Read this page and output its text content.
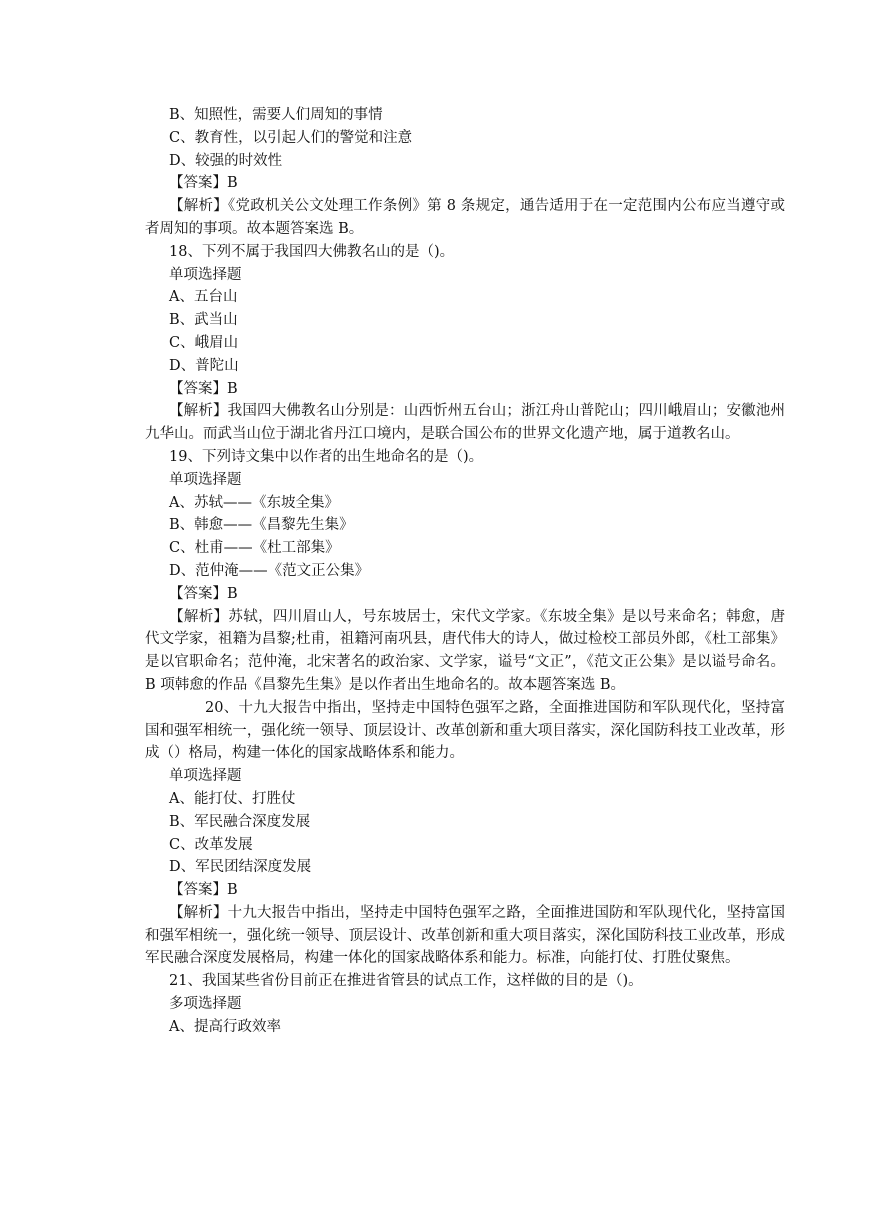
B、知照性，需要人们周知的事情
C、教育性，以引起人们的警觉和注意
D、较强的时效性
【答案】B
【解析】《党政机关公文处理工作条例》第 8 条规定，通告适用于在一定范围内公布应当遵守或者周知的事项。故本题答案选 B。
18、下列不属于我国四大佛教名山的是（)。
单项选择题
A、五台山
B、武当山
C、峨眉山
D、普陀山
【答案】B
【解析】我国四大佛教名山分别是：山西忻州五台山；浙江舟山普陀山；四川峨眉山；安徽池州九华山。而武当山位于湖北省丹江口境内，是联合国公布的世界文化遗产地，属于道教名山。
19、下列诗文集中以作者的出生地命名的是（)。
单项选择题
A、苏轼——《东坡全集》
B、韩愈——《昌黎先生集》
C、杜甫——《杜工部集》
D、范仲淹——《范文正公集》
【答案】B
【解析】苏轼，四川眉山人，号东坡居士，宋代文学家。《东坡全集》是以号来命名；韩愈，唐代文学家，祖籍为昌黎;杜甫，祖籍河南巩县，唐代伟大的诗人，做过检校工部员外郎，《杜工部集》是以官职命名；范仲淹，北宋著名的政治家、文学家，谥号“文正”，《范文正公集》是以谥号命名。B 项韩愈的作品《昌黎先生集》是以作者出生地命名的。故本题答案选 B。
20、十九大报告中指出，坚持走中国特色强军之路，全面推进国防和军队现代化，坚持富国和强军相统一，强化统一领导、顶层设计、改革创新和重大项目落实，深化国防科技工业改革，形成（）格局，构建一体化的国家战略体系和能力。
单项选择题
A、能打仗、打胜仗
B、军民融合深度发展
C、改革发展
D、军民团结深度发展
【答案】B
【解析】十九大报告中指出，坚持走中国特色强军之路，全面推进国防和军队现代化，坚持富国和强军相统一，强化统一领导、顶层设计、改革创新和重大项目落实，深化国防科技工业改革，形成军民融合深度发展格局，构建一体化的国家战略体系和能力。标准，向能打仗、打胜仗聚焦。
21、我国某些省份目前正在推进省管县的试点工作，这样做的目的是（)。
多项选择题
A、提高行政效率
